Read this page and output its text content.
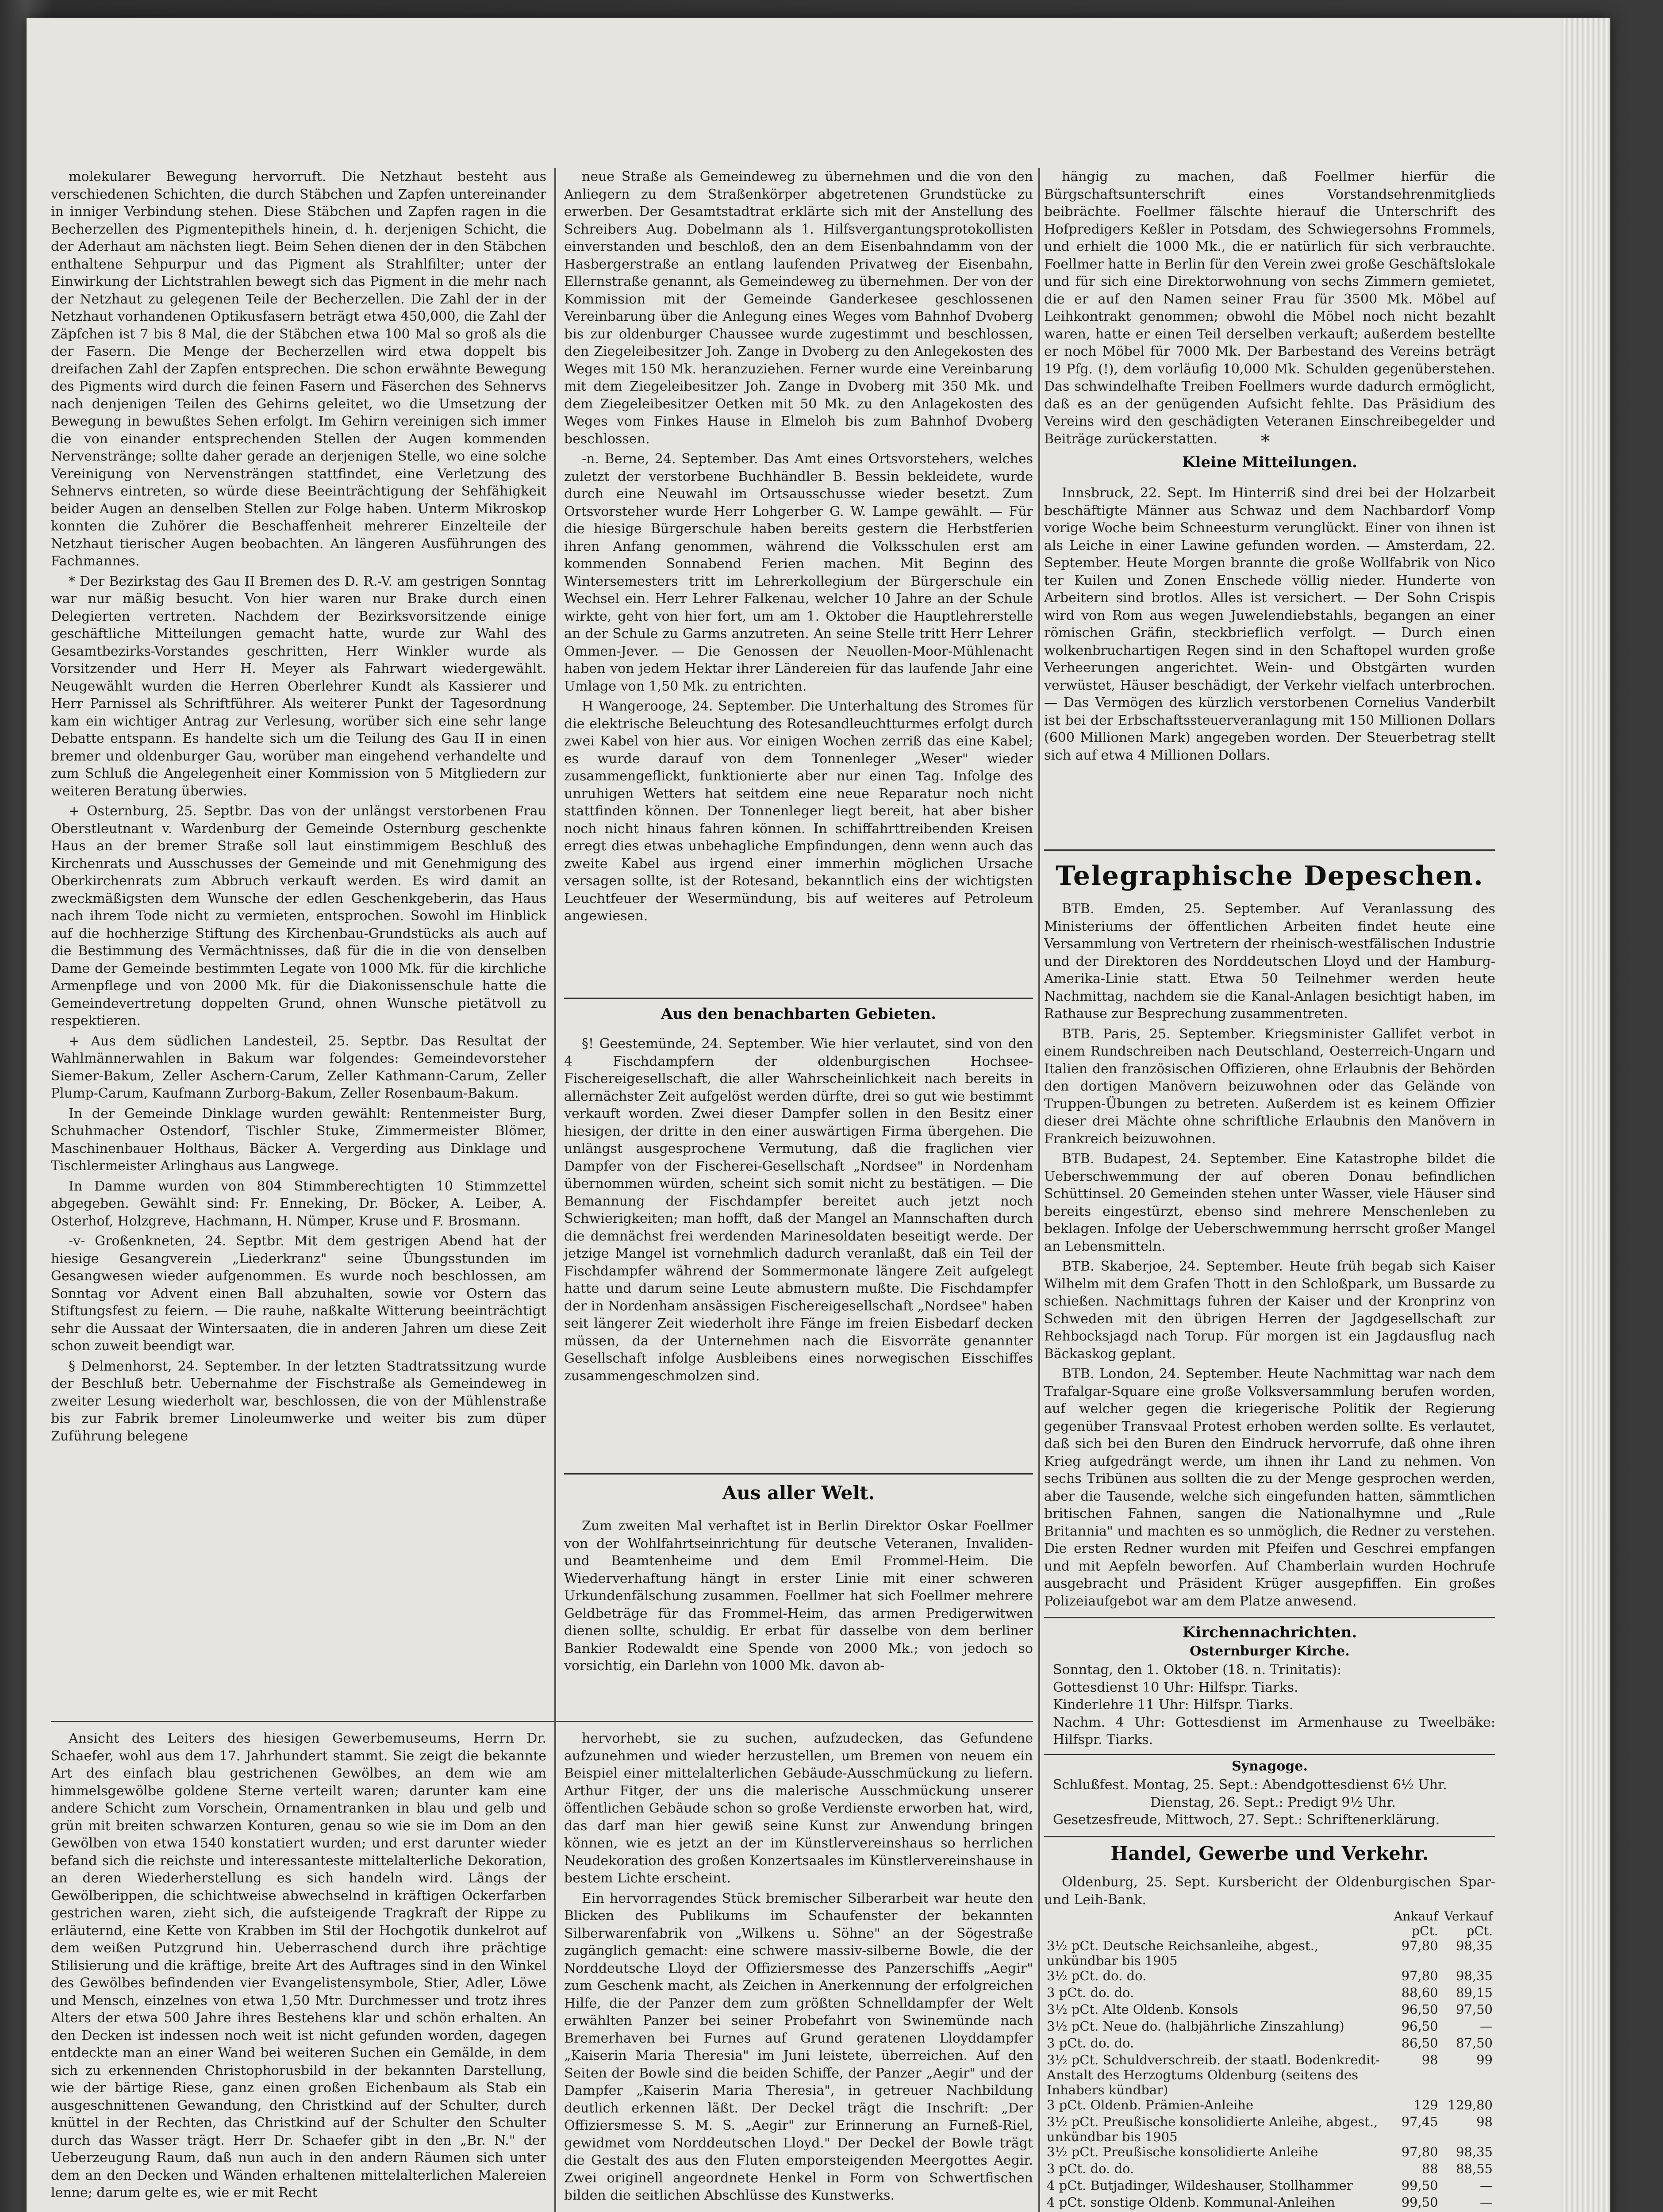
molekularer Bewegung hervorruft. Die Netzhaut besteht aus verschiedenen Schichten, die durch Stäbchen und Zapfen untereinander in inniger Verbindung stehen. Diese Stäbchen und Zapfen ragen in die Becherzellen des Pigmentepithels hinein, d. h. derjenigen Schicht, die der Aderhaut am nächsten liegt. Beim Sehen dienen der in den Stäbchen enthaltene Sehpurpur und das Pigment als Strahlfilter; unter der Einwirkung der Lichtstrahlen bewegt sich das Pigment in die mehr nach der Netzhaut zu gelegenen Teile der Becherzellen. Die Zahl der in der Netzhaut vorhandenen Optikusfasern beträgt etwa 450,000, die Zahl der Zäpfchen ist 7 bis 8 Mal, die der Stäbchen etwa 100 Mal so groß als die der Fasern. Die Menge der Becherzellen wird etwa doppelt bis dreifachen Zahl der Zapfen entsprechen. Die schon erwähnte Bewegung des Pigments wird durch die feinen Fasern und Fäserchen des Sehnervs nach denjenigen Teilen des Gehirns geleitet, wo die Umsetzung der Bewegung in bewußtes Sehen erfolgt. Im Gehirn vereinigen sich immer die von einander entsprechenden Stellen der Augen kommenden Nervenstränge; sollte daher gerade an derjenigen Stelle, wo eine solche Vereinigung von Nervensträngen stattfindet, eine Verletzung des Sehnervs eintreten, so würde diese Beeinträchtigung der Sehfähigkeit beider Augen an denselben Stellen zur Folge haben. Unterm Mikroskop konnten die Zuhörer die Beschaffenheit mehrerer Einzelteile der Netzhaut tierischer Augen beobachten. An längeren Ausführungen des Fachmannes.

* Der Bezirkstag des Gau II Bremen des D. R.-V. am gestrigen Sonntag war nur mäßig besucht. Von hier waren nur Brake durch einen Delegierten vertreten. Nachdem der Bezirksvorsitzende einige geschäftliche Mitteilungen gemacht hatte, wurde zur Wahl des Gesamtbezirks-Vorstandes geschritten, Herr Winkler wurde als Vorsitzender und Herr H. Meyer als Fahrwart wiedergewählt. Neugewählt wurden die Herren Oberlehrer Kundt als Kassierer und Herr Parnissel als Schriftführer. Als weiterer Punkt der Tagesordnung kam ein wichtiger Antrag zur Verlesung, worüber sich eine sehr lange Debatte entspann. Es handelte sich um die Teilung des Gau II in einen bremer und oldenburger Gau, worüber man eingehend verhandelte und zum Schluß die Angelegenheit einer Kommission von 5 Mitgliedern zur weiteren Beratung überwies.

+ Osternburg, 25. Septbr. Das von der unlängst verstorbenen Frau Oberstleutnant v. Wardenburg der Gemeinde Osternburg geschenkte Haus an der bremer Straße soll laut einstimmigem Beschluß des Kirchenrats und Ausschusses der Gemeinde und mit Genehmigung des Oberkirchenrats zum Abbruch verkauft werden. Es wird damit an zweckmäßigsten dem Wunsche der edlen Geschenkgeberin, das Haus nach ihrem Tode nicht zu vermieten, entsprochen. Sowohl im Hinblick auf die hochherzige Stiftung des Kirchenbau-Grundstücks als auch auf die Bestimmung des Vermächtnisses, daß für die in die von denselben Dame der Gemeinde bestimmten Legate von 1000 Mk. für die kirchliche Armenpflege und von 2000 Mk. für die Diakonissenschule hatte die Gemeindevertretung doppelten Grund, ohnen Wunsche pietätvoll zu respektieren.

+ Aus dem südlichen Landesteil, 25. Septbr. Das Resultat der Wahlmännerwahlen in Bakum war folgendes: Gemeindevorsteher Siemer-Bakum, Zeller Aschern-Carum, Zeller Kathmann-Carum, Zeller Plump-Carum, Kaufmann Zurborg-Bakum, Zeller Rosenbaum-Bakum.

In der Gemeinde Dinklage wurden gewählt: Rentenmeister Burg, Schuhmacher Ostendorf, Tischler Stuke, Zimmermeister Blömer, Maschinenbauer Holthaus, Bäcker A. Vergerding aus Dinklage und Tischlermeister Arlinghaus aus Langwege.

In Damme wurden von 804 Stimmberechtigten 10 Stimmzettel abgegeben. Gewählt sind: Fr. Enneking, Dr. Böcker, A. Leiber, A. Osterhof, Holzgreve, Hachmann, H. Nümper, Kruse und F. Brosmann.

-v- Großenkneten, 24. Septbr. Mit dem gestrigen Abend hat der hiesige Gesangverein „Liederkranz" seine Übungsstunden im Gesangwesen wieder aufgenommen. Es wurde noch beschlossen, am Sonntag vor Advent einen Ball abzuhalten, sowie vor Ostern das Stiftungsfest zu feiern. — Die rauhe, naßkalte Witterung beeinträchtigt sehr die Aussaat der Wintersaaten, die in anderen Jahren um diese Zeit schon zuweit beendigt war.

§ Delmenhorst, 24. September. In der letzten Stadtratssitzung wurde der Beschluß betr. Uebernahme der Fischstraße als Gemeindeweg in zweiter Lesung wiederholt war, beschlossen, die von der Mühlenstraße bis zur Fabrik bremer Linoleumwerke und weiter bis zum düper Zuführung belegene

neue Straße als Gemeindeweg zu übernehmen und die von den Anliegern zu dem Straßenkörper abgetretenen Grundstücke zu erwerben. Der Gesamtstadtrat erklärte sich mit der Anstellung des Schreibers Aug. Dobelmann als 1. Hilfsvergantungsprotokollisten einverstanden und beschloß, den an dem Eisenbahndamm von der Hasbergerstraße an entlang laufenden Privatweg der Eisenbahn, Ellernstraße genannt, als Gemeindeweg zu übernehmen. Der von der Kommission mit der Gemeinde Ganderkesee geschlossenen Vereinbarung über die Anlegung eines Weges vom Bahnhof Dvoberg bis zur oldenburger Chaussee wurde zugestimmt und beschlossen, den Ziegeleibesitzer Joh. Zange in Dvoberg zu den Anlegekosten des Weges mit 150 Mk. heranzuziehen. Ferner wurde eine Vereinbarung mit dem Ziegeleibesitzer Joh. Zange in Dvoberg mit 350 Mk. und dem Ziegeleibesitzer Oetken mit 50 Mk. zu den Anlagekosten des Weges vom Finkes Hause in Elmeloh bis zum Bahnhof Dvoberg beschlossen.

-n. Berne, 24. September. Das Amt eines Ortsvorstehers, welches zuletzt der verstorbene Buchhändler B. Bessin bekleidete, wurde durch eine Neuwahl im Ortsausschusse wieder besetzt. Zum Ortsvorsteher wurde Herr Lohgerber G. W. Lampe gewählt. — Für die hiesige Bürgerschule haben bereits gestern die Herbstferien ihren Anfang genommen, während die Volksschulen erst am kommenden Sonnabend Ferien machen. Mit Beginn des Wintersemesters tritt im Lehrerkollegium der Bürgerschule ein Wechsel ein. Herr Lehrer Falkenau, welcher 10 Jahre an der Schule wirkte, geht von hier fort, um am 1. Oktober die Hauptlehrerstelle an der Schule zu Garms anzutreten. An seine Stelle tritt Herr Lehrer Ommen-Jever. — Die Genossen der Neuollen-Moor-Mühlenacht haben von jedem Hektar ihrer Ländereien für das laufende Jahr eine Umlage von 1,50 Mk. zu entrichten.

H Wangerooge, 24. September. Die Unterhaltung des Stromes für die elektrische Beleuchtung des Rotesandleuchtturmes erfolgt durch zwei Kabel von hier aus. Vor einigen Wochen zerriß das eine Kabel; es wurde darauf von dem Tonnenleger „Weser" wieder zusammengeflickt, funktionierte aber nur einen Tag. Infolge des unruhigen Wetters hat seitdem eine neue Reparatur noch nicht stattfinden können. Der Tonnenleger liegt bereit, hat aber bisher noch nicht hinaus fahren können. In schiffahrttreibenden Kreisen erregt dies etwas unbehagliche Empfindungen, denn wenn auch das zweite Kabel aus irgend einer immerhin möglichen Ursache versagen sollte, ist der Rotesand, bekanntlich eins der wichtigsten Leuchtfeuer der Wesermündung, bis auf weiteres auf Petroleum angewiesen.

Aus den benachbarten Gebieten.

§! Geestemünde, 24. September. Wie hier verlautet, sind von den 4 Fischdampfern der oldenburgischen Hochsee-Fischereigesellschaft, die aller Wahrscheinlichkeit nach bereits in allernächster Zeit aufgelöst werden dürfte, drei so gut wie bestimmt verkauft worden. Zwei dieser Dampfer sollen in den Besitz einer hiesigen, der dritte in den einer auswärtigen Firma übergehen. Die unlängst ausgesprochene Vermutung, daß die fraglichen vier Dampfer von der Fischerei-Gesellschaft „Nordsee" in Nordenham übernommen würden, scheint sich somit nicht zu bestätigen. — Die Bemannung der Fischdampfer bereitet auch jetzt noch Schwierigkeiten; man hofft, daß der Mangel an Mannschaften durch die demnächst frei werdenden Marinesoldaten beseitigt werde. Der jetzige Mangel ist vornehmlich dadurch veranlaßt, daß ein Teil der Fischdampfer während der Sommermonate längere Zeit aufgelegt hatte und darum seine Leute abmustern mußte. Die Fischdampfer der in Nordenham ansässigen Fischereigesellschaft „Nordsee" haben seit längerer Zeit wiederholt ihre Fänge im freien Eisbedarf decken müssen, da der Unternehmen nach die Eisvorräte genannter Gesellschaft infolge Ausbleibens eines norwegischen Eisschiffes zusammengeschmolzen sind.

Aus aller Welt.

Zum zweiten Mal verhaftet ist in Berlin Direktor Oskar Foellmer von der Wohlfahrtseinrichtung für deutsche Veteranen, Invaliden- und Beamtenheime und dem Emil Frommel-Heim. Die Wiederverhaftung hängt in erster Linie mit einer schweren Urkundenfälschung zusammen. Foellmer hat sich Foellmer mehrere Geldbeträge für das Frommel-Heim, das armen Predigerwitwen dienen sollte, schuldig. Er erbat für dasselbe von dem berliner Bankier Rodewaldt eine Spende von 2000 Mk.; von jedoch so vorsichtig, ein Darlehn von 1000 Mk. davon ab-

hängig zu machen, daß Foellmer hierfür die Bürgschaftsunterschrift eines Vorstandsehrenmitglieds beibrächte. Foellmer fälschte hierauf die Unterschrift des Hofpredigers Keßler in Potsdam, des Schwiegersohns Frommels, und erhielt die 1000 Mk., die er natürlich für sich verbrauchte. Foellmer hatte in Berlin für den Verein zwei große Geschäftslokale und für sich eine Direktorwohnung von sechs Zimmern gemietet, die er auf den Namen seiner Frau für 3500 Mk. Möbel auf Leihkontrakt genommen; obwohl die Möbel noch nicht bezahlt waren, hatte er einen Teil derselben verkauft; außerdem bestellte er noch Möbel für 7000 Mk. Der Barbestand des Vereins beträgt 19 Pfg. (!), dem vorläufig 10,000 Mk. Schulden gegenüberstehen. Das schwindelhafte Treiben Foellmers wurde dadurch ermöglicht, daß es an der genügenden Aufsicht fehlte. Das Präsidium des Vereins wird den geschädigten Veteranen Einschreibegelder und Beiträge zurückerstatten.	*
Kleine Mitteilungen.

Innsbruck, 22. Sept. Im Hinterriß sind drei bei der Holzarbeit beschäftigte Männer aus Schwaz und dem Nachbardorf Vomp vorige Woche beim Schneesturm verunglückt. Einer von ihnen ist als Leiche in einer Lawine gefunden worden. — Amsterdam, 22. September. Heute Morgen brannte die große Wollfabrik von Nico ter Kuilen und Zonen Enschede völlig nieder. Hunderte von Arbeitern sind brotlos. Alles ist versichert. — Der Sohn Crispis wird von Rom aus wegen Juwelendiebstahls, begangen an einer römischen Gräfin, steckbrieflich verfolgt. — Durch einen wolkenbruchartigen Regen sind in den Schaftopel wurden große Verheerungen angerichtet. Wein- und Obstgärten wurden verwüstet, Häuser beschädigt, der Verkehr vielfach unterbrochen. — Das Vermögen des kürzlich verstorbenen Cornelius Vanderbilt ist bei der Erbschaftssteuerveranlagung mit 150 Millionen Dollars (600 Millionen Mark) angegeben worden. Der Steuerbetrag stellt sich auf etwa 4 Millionen Dollars.

Telegraphische Depeschen.

BTB. Emden, 25. September. Auf Veranlassung des Ministeriums der öffentlichen Arbeiten findet heute eine Versammlung von Vertretern der rheinisch-westfälischen Industrie und der Direktoren des Norddeutschen Lloyd und der Hamburg-Amerika-Linie statt. Etwa 50 Teilnehmer werden heute Nachmittag, nachdem sie die Kanal-Anlagen besichtigt haben, im Rathause zur Besprechung zusammentreten.

BTB. Paris, 25. September. Kriegsminister Gallifet verbot in einem Rundschreiben nach Deutschland, Oesterreich-Ungarn und Italien den französischen Offizieren, ohne Erlaubnis der Behörden den dortigen Manövern beizuwohnen oder das Gelände von Truppen-Übungen zu betreten. Außerdem ist es keinem Offizier dieser drei Mächte ohne schriftliche Erlaubnis den Manövern in Frankreich beizuwohnen.

BTB. Budapest, 24. September. Eine Katastrophe bildet die Ueberschwemmung der auf oberen Donau befindlichen Schüttinsel. 20 Gemeinden stehen unter Wasser, viele Häuser sind bereits eingestürzt, ebenso sind mehrere Menschenleben zu beklagen. Infolge der Ueberschwemmung herrscht großer Mangel an Lebensmitteln.

BTB. Skaberjoe, 24. September. Heute früh begab sich Kaiser Wilhelm mit dem Grafen Thott in den Schloßpark, um Bussarde zu schießen. Nachmittags fuhren der Kaiser und der Kronprinz von Schweden mit den übrigen Herren der Jagdgesellschaft zur Rehbocksjagd nach Torup. Für morgen ist ein Jagdausflug nach Bäckaskog geplant.

BTB. London, 24. September. Heute Nachmittag war nach dem Trafalgar-Square eine große Volksversammlung berufen worden, auf welcher gegen die kriegerische Politik der Regierung gegenüber Transvaal Protest erhoben werden sollte. Es verlautet, daß sich bei den Buren den Eindruck hervorrufe, daß ohne ihren Krieg aufgedrängt werde, um ihnen ihr Land zu nehmen. Von sechs Tribünen aus sollten die zu der Menge gesprochen werden, aber die Tausende, welche sich eingefunden hatten, sämmtlichen britischen Fahnen, sangen die Nationalhymne und „Rule Britannia" und machten es so unmöglich, die Redner zu verstehen. Die ersten Redner wurden mit Pfeifen und Geschrei empfangen und mit Aepfeln beworfen. Auf Chamberlain wurden Hochrufe ausgebracht und Präsident Krüger ausgepfiffen. Ein großes Polizeiaufgebot war am dem Platze anwesend.

Kirchennachrichten.
Osternburger Kirche.
Sonntag, den 1. Oktober (18. n. Trinitatis):
Gottesdienst 10 Uhr: Hilfspr. Tiarks.
Kinderlehre 11 Uhr: Hilfspr. Tiarks.
Nachm. 4 Uhr: Gottesdienst im Armenhause zu Tweelbäke: Hilfspr. Tiarks.
Synagoge.
Schlußfest. Montag, 25. Sept.: Abendgottesdienst 6½ Uhr.
Dienstag, 26. Sept.: Predigt 9½ Uhr.
Gesetzesfreude, Mittwoch, 27. Sept.: Schriftenerklärung.
Handel, Gewerbe und Verkehr.
Oldenburg, 25. Sept. Kursbericht der Oldenburgischen Spar- und Leih-Bank.
	Ankauf pCt.	Verkauf pCt.
3½ pCt. Deutsche Reichsanleihe, abgest., unkündbar bis 1905	97,80	98,35
3½ pCt. do. do.	97,80	98,35
3 pCt. do. do.	88,60	89,15
3½ pCt. Alte Oldenb. Konsols	96,50	97,50
3½ pCt. Neue do. (halbjährliche Zinszahlung)	96,50	—
3 pCt. do. do.	86,50	87,50
3½ pCt. Schuldverschreib. der staatl. Bodenkredit-Anstalt des Herzogtums Oldenburg (seitens des Inhabers kündbar)	98	99
3 pCt. Oldenb. Prämien-Anleihe	129	129,80
3½ pCt. Preußische konsolidierte Anleihe, abgest., unkündbar bis 1905	97,45	98
3½ pCt. Preußische konsolidierte Anleihe	97,80	98,35
3 pCt. do. do.	88	88,55
4 pCt. Butjadinger, Wildeshauser, Stollhammer	99,50	—
4 pCt. sonstige Oldenb. Kommunal-Anleihen	99,50	—

Ansicht des Leiters des hiesigen Gewerbemuseums, Herrn Dr. Schaefer, wohl aus dem 17. Jahrhundert stammt. Sie zeigt die bekannte Art des einfach blau gestrichenen Gewölbes, an dem wie am himmelsgewölbe goldene Sterne verteilt waren; darunter kam eine andere Schicht zum Vorschein, Ornamentranken in blau und gelb und grün mit breiten schwarzen Konturen, genau so wie sie im Dom an den Gewölben von etwa 1540 konstatiert wurden; und erst darunter wieder befand sich die reichste und interessanteste mittelalterliche Dekoration, an deren Wiederherstellung es sich handeln wird. Längs der Gewölberippen, die schichtweise abwechselnd in kräftigen Ockerfarben gestrichen waren, zieht sich, die aufsteigende Tragkraft der Rippe zu erläuternd, eine Kette von Krabben im Stil der Hochgotik dunkelrot auf dem weißen Putzgrund hin. Ueberraschend durch ihre prächtige Stilisierung und die kräftige, breite Art des Auftrages sind in den Winkel des Gewölbes befindenden vier Evangelistensymbole, Stier, Adler, Löwe und Mensch, einzelnes von etwa 1,50 Mtr. Durchmesser und trotz ihres Alters der etwa 500 Jahre ihres Bestehens klar und schön erhalten. An den Decken ist indessen noch weit ist nicht gefunden worden, dagegen entdeckte man an einer Wand bei weiteren Suchen ein Gemälde, in dem sich zu erkennenden Christophorusbild in der bekannten Darstellung, wie der bärtige Riese, ganz einen großen Eichenbaum als Stab ein ausgeschnittenen Gewandung, den Christkind auf der Schulter, durch knüttel in der Rechten, das Christkind auf der Schulter den Schulter durch das Wasser trägt. Herr Dr. Schaefer gibt in den „Br. N." der Ueberzeugung Raum, daß nun auch in den andern Räumen sich unter dem an den Decken und Wänden erhaltenen mittelalterlichen Malereien lenne; darum gelte es, wie er mit Recht

hervorhebt, sie zu suchen, aufzudecken, das Gefundene aufzunehmen und wieder herzustellen, um Bremen von neuem ein Beispiel einer mittelalterlichen Gebäude-Ausschmückung zu liefern. Arthur Fitger, der uns die malerische Ausschmückung unserer öffentlichen Gebäude schon so große Verdienste erworben hat, wird, das darf man hier gewiß seine Kunst zur Anwendung bringen können, wie es jetzt an der im Künstlervereinshaus so herrlichen Neudekoration des großen Konzertsaales im Künstlervereinshause in bestem Lichte erscheint.

Ein hervorragendes Stück bremischer Silberarbeit war heute den Blicken des Publikums im Schaufenster der bekannten Silberwarenfabrik von „Wilkens u. Söhne" an der Sögestraße zugänglich gemacht: eine schwere massiv-silberne Bowle, die der Norddeutsche Lloyd der Offiziersmesse des Panzerschiffs „Aegir" zum Geschenk macht, als Zeichen in Anerkennung der erfolgreichen Hilfe, die der Panzer dem zum größten Schnelldampfer der Welt erwählten Panzer bei seiner Probefahrt von Swinemünde nach Bremerhaven bei Furnes auf Grund geratenen Lloyddampfer „Kaiserin Maria Theresia" im Juni leistete, überreichen. Auf den Seiten der Bowle sind die beiden Schiffe, der Panzer „Aegir" und der Dampfer „Kaiserin Maria Theresia", in getreuer Nachbildung deutlich erkennen läßt. Der Deckel trägt die Inschrift: „Der Offiziersmesse S. M. S. „Aegir" zur Erinnerung an Furneß-Riel, gewidmet vom Norddeutschen Lloyd." Der Deckel der Bowle trägt die Gestalt des aus den Fluten emporsteigenden Meergottes Aegir. Zwei originell angeordnete Henkel in Form von Schwertfischen bilden die seitlichen Abschlüsse des Kunstwerks.
